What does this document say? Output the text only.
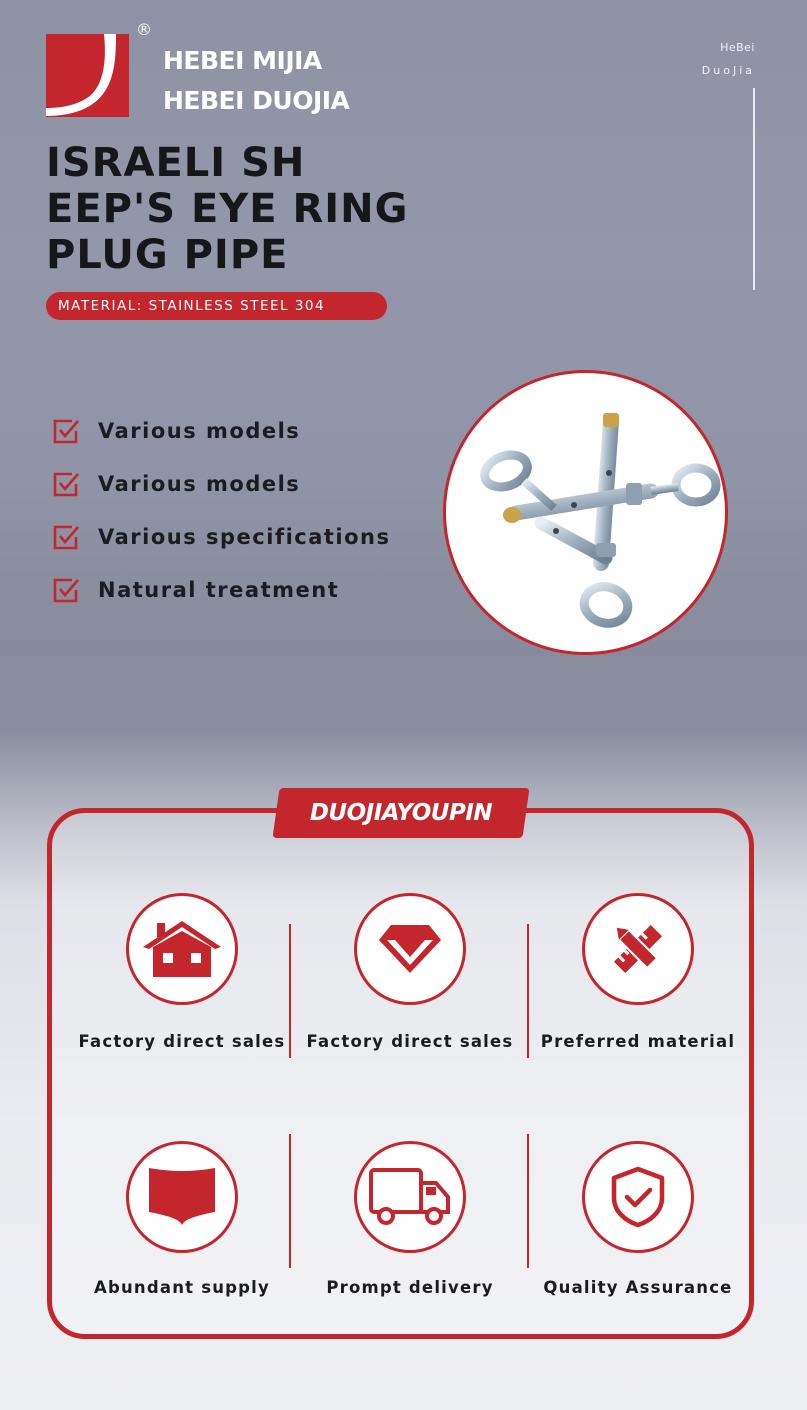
®
HEBEI MIJIA
HEBEI DUOJIA
HeBei
DuoJia
ISRAELI SH
EEP'S EYE RING
PLUG PIPE
MATERIAL: STAINLESS STEEL 304
Various models
Various models
Various specifications
Natural treatment
DUOJIAYOUPIN
Factory direct sales	Factory direct sales	Preferred material
Abundant supply	Prompt delivery	Quality Assurance
